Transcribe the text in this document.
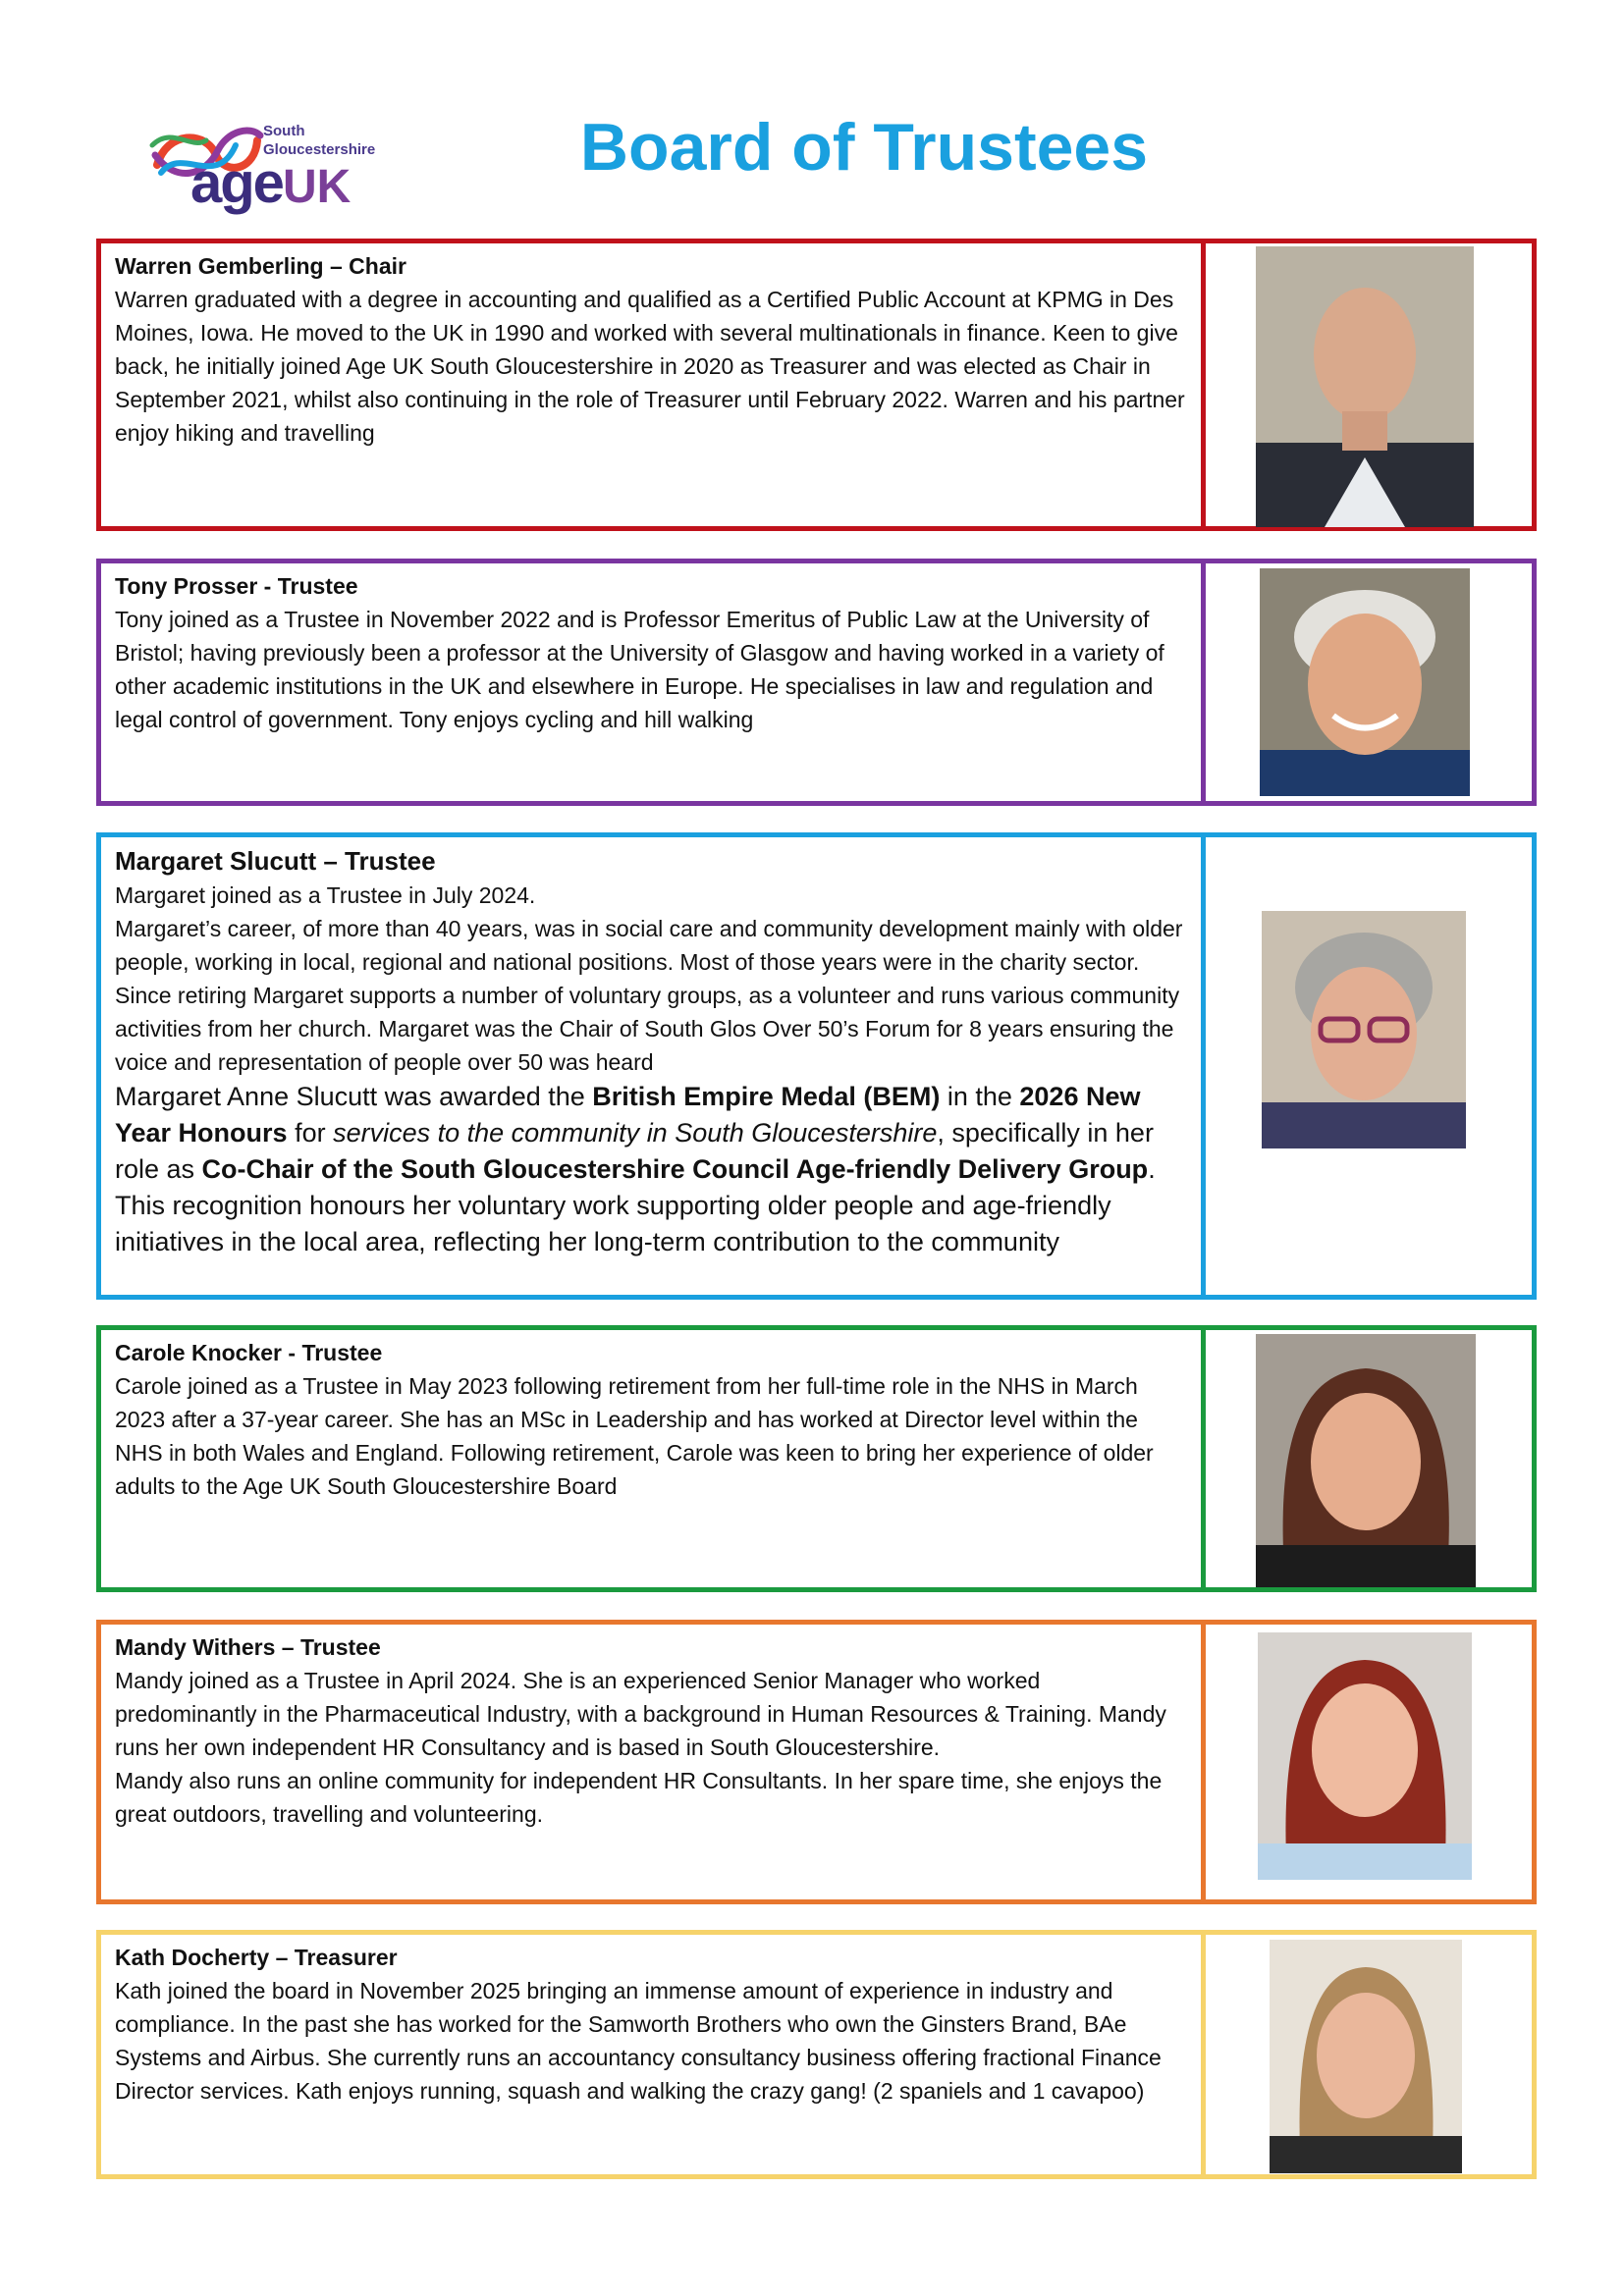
South
Gloucestershire
ageUK
Board of Trustees

Warren Gemberling – Chair

Warren graduated with a degree in accounting and qualified as a Certified Public Account at KPMG in Des Moines, Iowa. He moved to the UK in 1990 and worked with several multinationals in finance. Keen to give back, he initially joined Age UK South Gloucestershire in 2020 as Treasurer and was elected as Chair in September 2021, whilst also continuing in the role of Treasurer until February 2022. Warren and his partner enjoy hiking and travelling

Tony Prosser - Trustee

Tony joined as a Trustee in November 2022 and is Professor Emeritus of Public Law at the University of Bristol; having previously been a professor at the University of Glasgow and having worked in a variety of other academic institutions in the UK and elsewhere in Europe. He specialises in law and regulation and legal control of government. Tony enjoys cycling and hill walking

Margaret Slucutt – Trustee

Margaret joined as a Trustee in July 2024.

Margaret’s career, of more than 40 years, was in social care and community development mainly with older people, working in local, regional and national positions. Most of those years were in the charity sector.

Since retiring Margaret supports a number of voluntary groups, as a volunteer and runs various community activities from her church. Margaret was the Chair of South Glos Over 50’s Forum for 8 years ensuring the voice and representation of people over 50 was heard

Margaret Anne Slucutt was awarded the British Empire Medal (BEM) in the 2026 New Year Honours for services to the community in South Gloucestershire, specifically in her role as Co-Chair of the South Gloucestershire Council Age-friendly Delivery Group.

This recognition honours her voluntary work supporting older people and age-friendly initiatives in the local area, reflecting her long-term contribution to the community

Carole Knocker - Trustee

Carole joined as a Trustee in May 2023 following retirement from her full-time role in the NHS in March 2023 after a 37-year career. She has an MSc in Leadership and has worked at Director level within the NHS in both Wales and England. Following retirement, Carole was keen to bring her experience of older adults to the Age UK South Gloucestershire Board

Mandy Withers – Trustee

Mandy joined as a Trustee in April 2024. She is an experienced Senior Manager who worked predominantly in the Pharmaceutical Industry, with a background in Human Resources & Training. Mandy runs her own independent HR Consultancy and is based in South Gloucestershire.

Mandy also runs an online community for independent HR Consultants. In her spare time, she enjoys the great outdoors, travelling and volunteering.

Kath Docherty – Treasurer

Kath joined the board in November 2025 bringing an immense amount of experience in industry and compliance. In the past she has worked for the Samworth Brothers who own the Ginsters Brand, BAe Systems and Airbus. She currently runs an accountancy consultancy business offering fractional Finance Director services. Kath enjoys running, squash and walking the crazy gang! (2 spaniels and 1 cavapoo)
